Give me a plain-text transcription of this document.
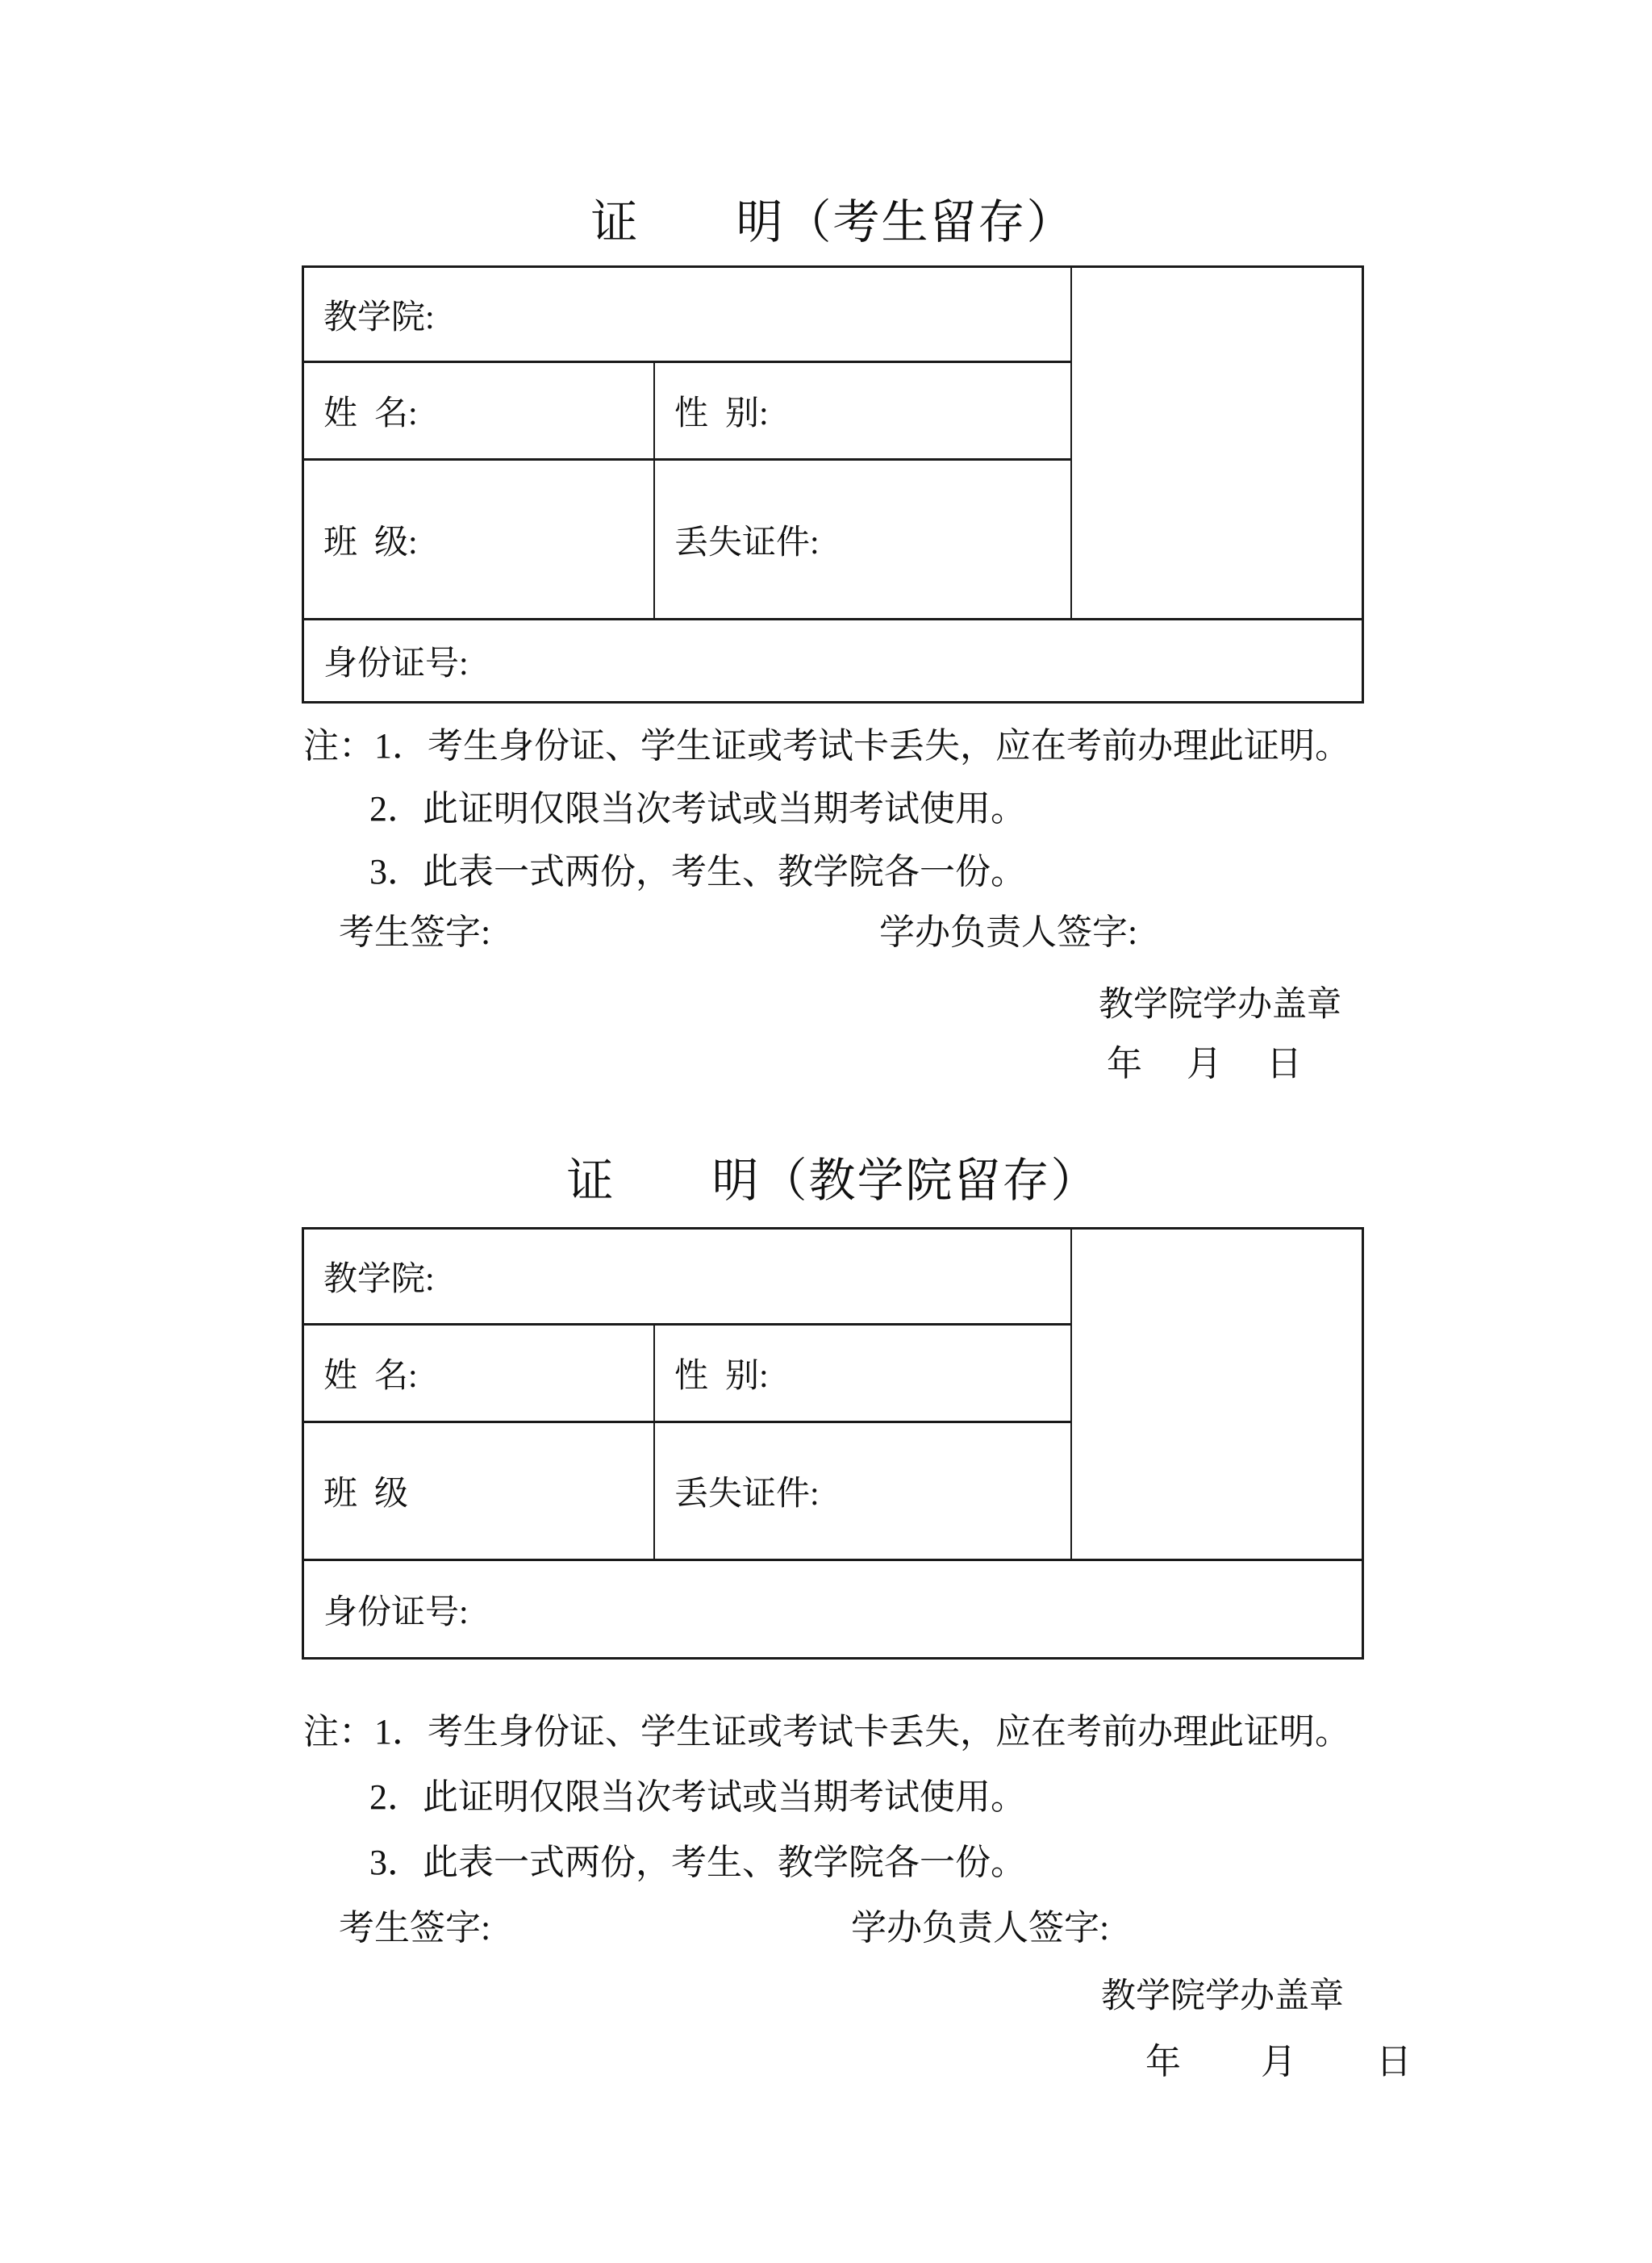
证　　明（考生留存）
教学院:
姓  名:	性  别:
班  级:	丢失证件:
身份证号:
注：1．考生身份证、学生证或考试卡丢失，应在考前办理此证明。
2．此证明仅限当次考试或当期考试使用。
3．此表一式两份，考生、教学院各一份。
考生签字:	学办负责人签字:
教学院学办盖章
年　 月　 日
证　　明（教学院留存）
教学院:
姓  名:	性  别:
班  级	丢失证件:
身份证号:
注：1．考生身份证、学生证或考试卡丢失，应在考前办理此证明。
2．此证明仅限当次考试或当期考试使用。
3．此表一式两份，考生、教学院各一份。
考生签字:	学办负责人签字:
教学院学办盖章
年　　 月　　 日
